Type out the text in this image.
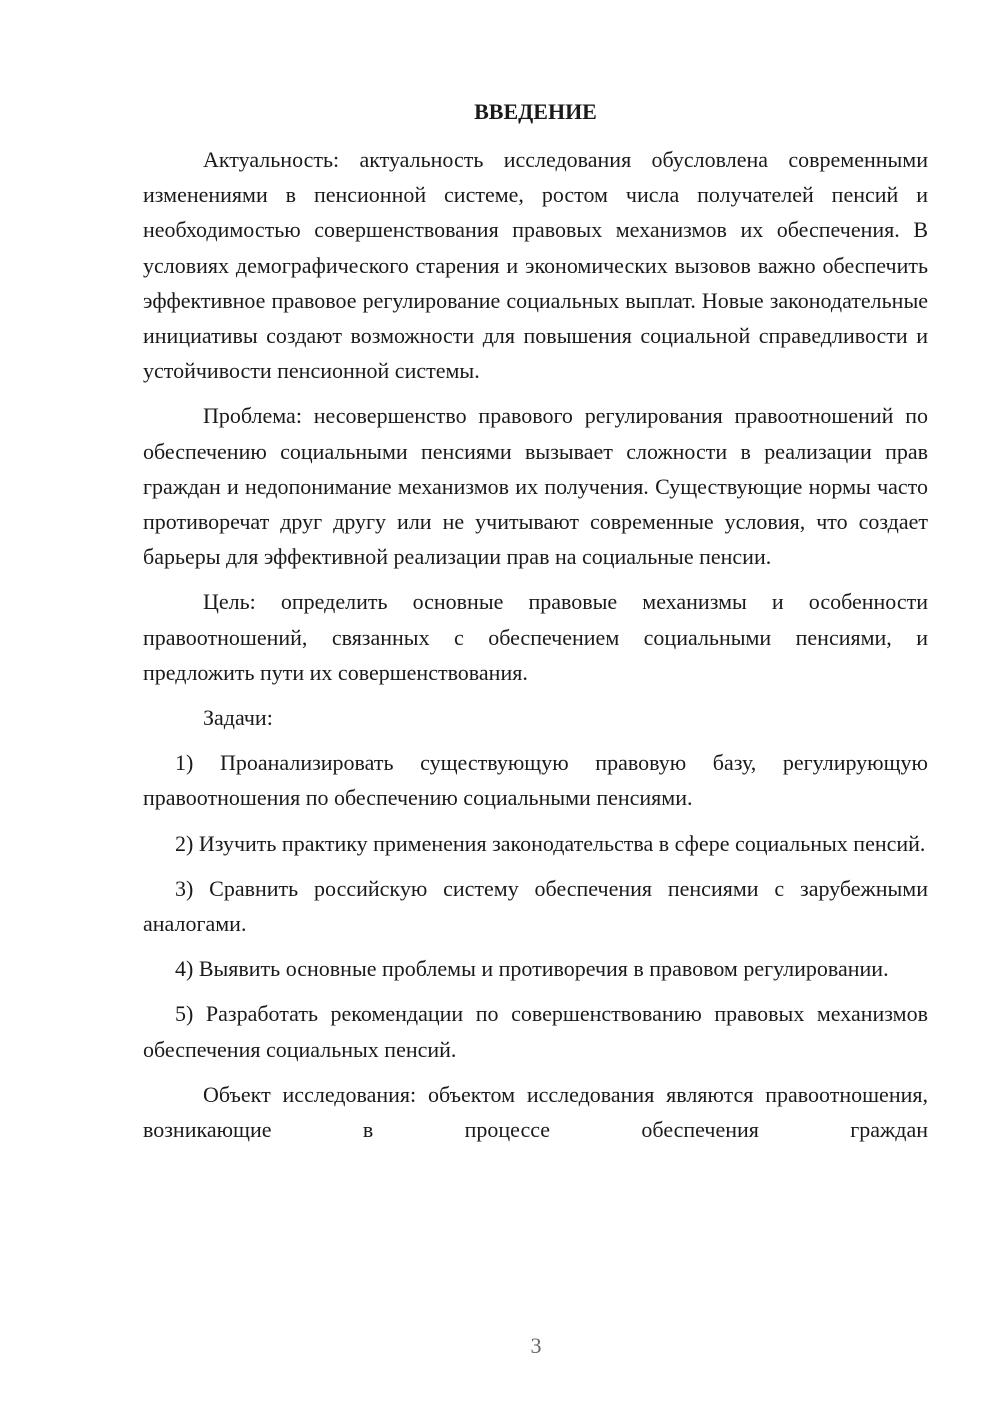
ВВЕДЕНИЕ

Актуальность: актуальность исследования обусловлена современными изменениями в пенсионной системе, ростом числа получателей пенсий и необходимостью совершенствования правовых механизмов их обеспечения. В условиях демографического старения и экономических вызовов важно обеспечить эффективное правовое регулирование социальных выплат. Новые законодательные инициативы создают возможности для повышения социальной справедливости и устойчивости пенсионной системы.

Проблема: несовершенство правового регулирования правоотношений по обеспечению социальными пенсиями вызывает сложности в реализации прав граждан и недопонимание механизмов их получения. Существующие нормы часто противоречат друг другу или не учитывают современные условия, что создает барьеры для эффективной реализации прав на социальные пенсии.

Цель: определить основные правовые механизмы и особенности правоотношений, связанных с обеспечением социальными пенсиями, и предложить пути их совершенствования.

Задачи:

1) Проанализировать существующую правовую базу, регулирующую правоотношения по обеспечению социальными пенсиями.

2) Изучить практику применения законодательства в сфере социальных пенсий.

3) Сравнить российскую систему обеспечения пенсиями с зарубежными аналогами.

4) Выявить основные проблемы и противоречия в правовом регулировании.

5) Разработать рекомендации по совершенствованию правовых механизмов обеспечения социальных пенсий.

Объект исследования: объектом исследования являются правоотношения, возникающие в процессе обеспечения граждан

3
